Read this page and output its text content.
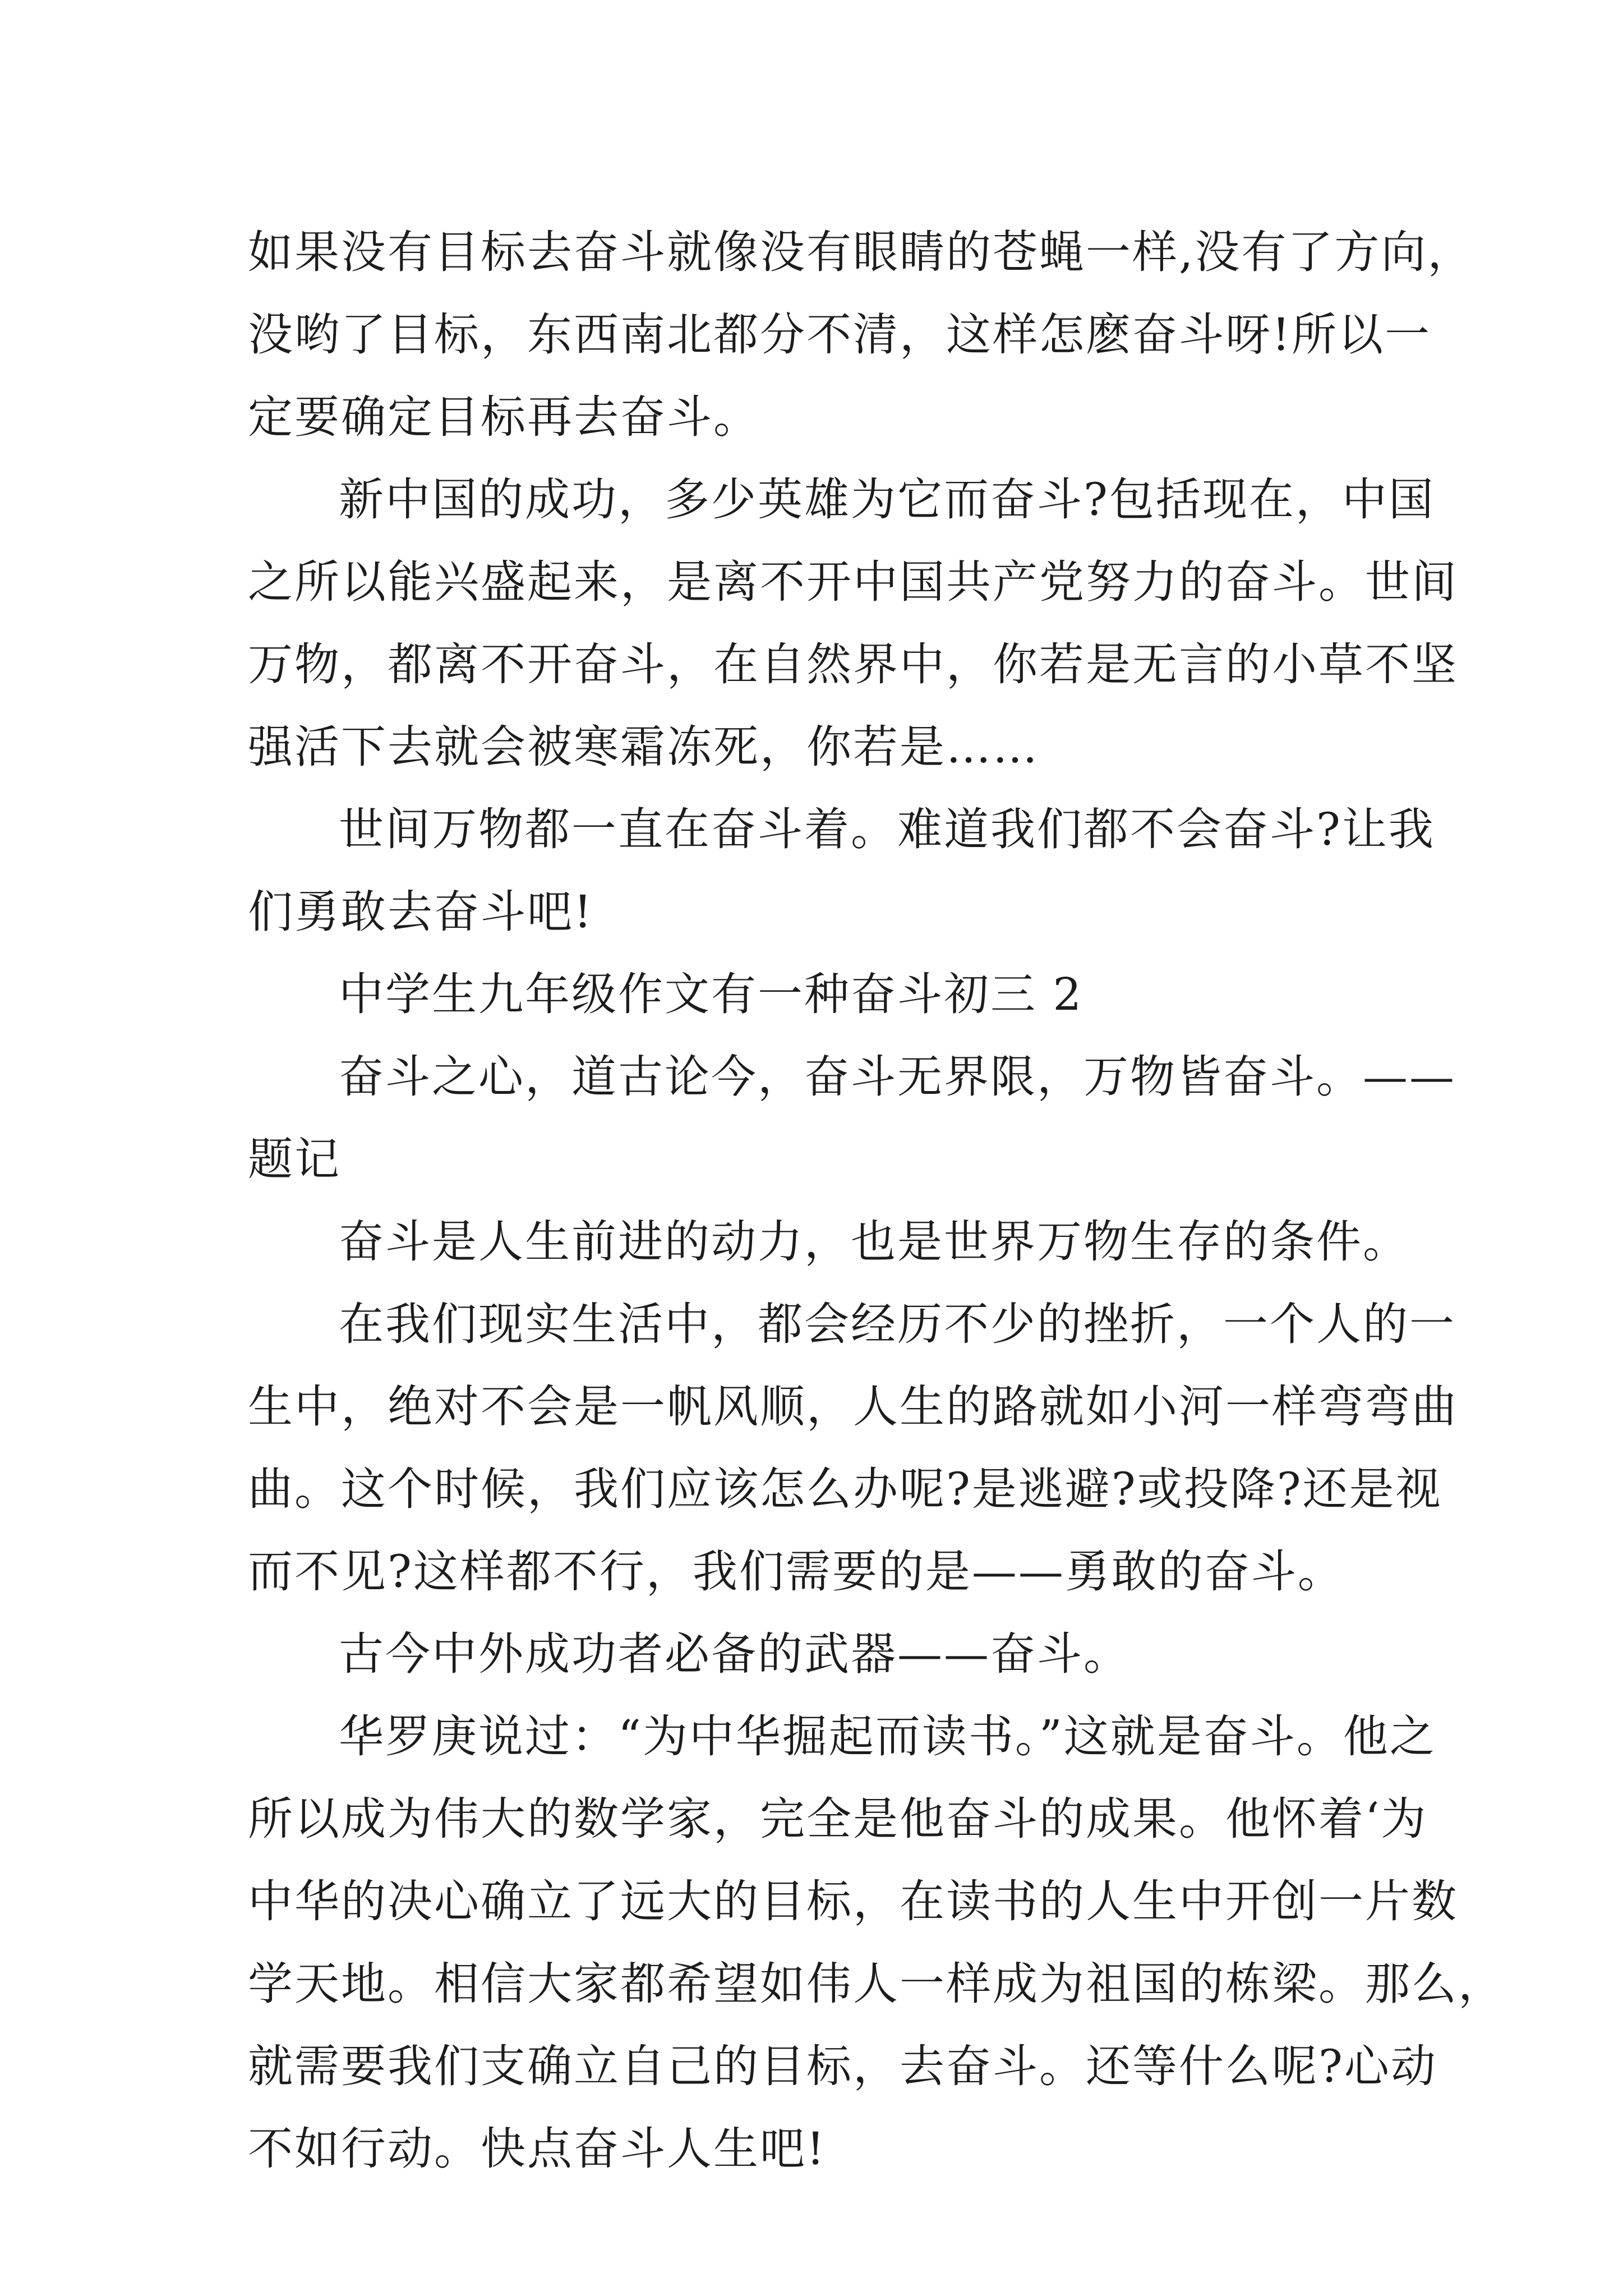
如果没有目标去奋斗就像没有眼睛的苍蝇一样,没有了方向，
没哟了目标，东西南北都分不清，这样怎麽奋斗呀!所以一
定要确定目标再去奋斗。
新中国的成功，多少英雄为它而奋斗?包括现在，中国
之所以能兴盛起来，是离不开中国共产党努力的奋斗。世间
万物，都离不开奋斗，在自然界中，你若是无言的小草不坚
强活下去就会被寒霜冻死，你若是……
世间万物都一直在奋斗着。难道我们都不会奋斗?让我
们勇敢去奋斗吧!
中学生九年级作文有一种奋斗初三 2
奋斗之心，道古论今，奋斗无界限，万物皆奋斗。——
题记
奋斗是人生前进的动力，也是世界万物生存的条件。
在我们现实生活中，都会经历不少的挫折，一个人的一
生中，绝对不会是一帆风顺，人生的路就如小河一样弯弯曲
曲。这个时候，我们应该怎么办呢?是逃避?或投降?还是视
而不见?这样都不行，我们需要的是——勇敢的奋斗。
古今中外成功者必备的武器——奋斗。
华罗庚说过：“为中华掘起而读书。”这就是奋斗。他之
所以成为伟大的数学家，完全是他奋斗的成果。他怀着‘为
中华的决心确立了远大的目标，在读书的人生中开创一片数
学天地。相信大家都希望如伟人一样成为祖国的栋梁。那么，
就需要我们支确立自己的目标，去奋斗。还等什么呢?心动
不如行动。快点奋斗人生吧!
